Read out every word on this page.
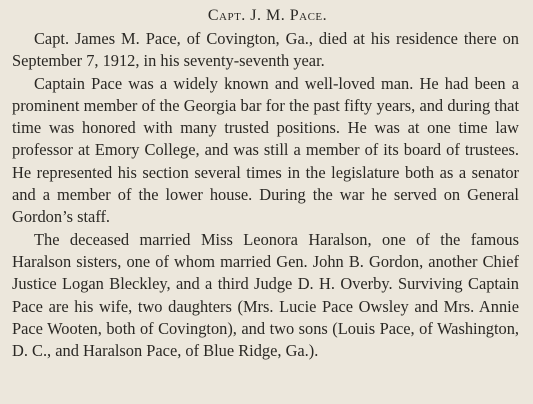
Capt. J. M. Pace.

Capt. James M. Pace, of Covington, Ga., died at his residence there on September 7, 1912, in his seventy-seventh year.

Captain Pace was a widely known and well-loved man. He had been a prominent member of the Georgia bar for the past fifty years, and during that time was honored with many trusted positions. He was at one time law professor at Emory College, and was still a member of its board of trustees. He represented his section several times in the legislature both as a senator and a member of the lower house. During the war he served on General Gordon’s staff.

The deceased married Miss Leonora Haralson, one of the famous Haralson sisters, one of whom married Gen. John B. Gordon, another Chief Justice Logan Bleckley, and a third Judge D. H. Overby. Surviving Captain Pace are his wife, two daughters (Mrs. Lucie Pace Owsley and Mrs. Annie Pace Wooten, both of Covington), and two sons (Louis Pace, of Washington, D. C., and Haralson Pace, of Blue Ridge, Ga.).
